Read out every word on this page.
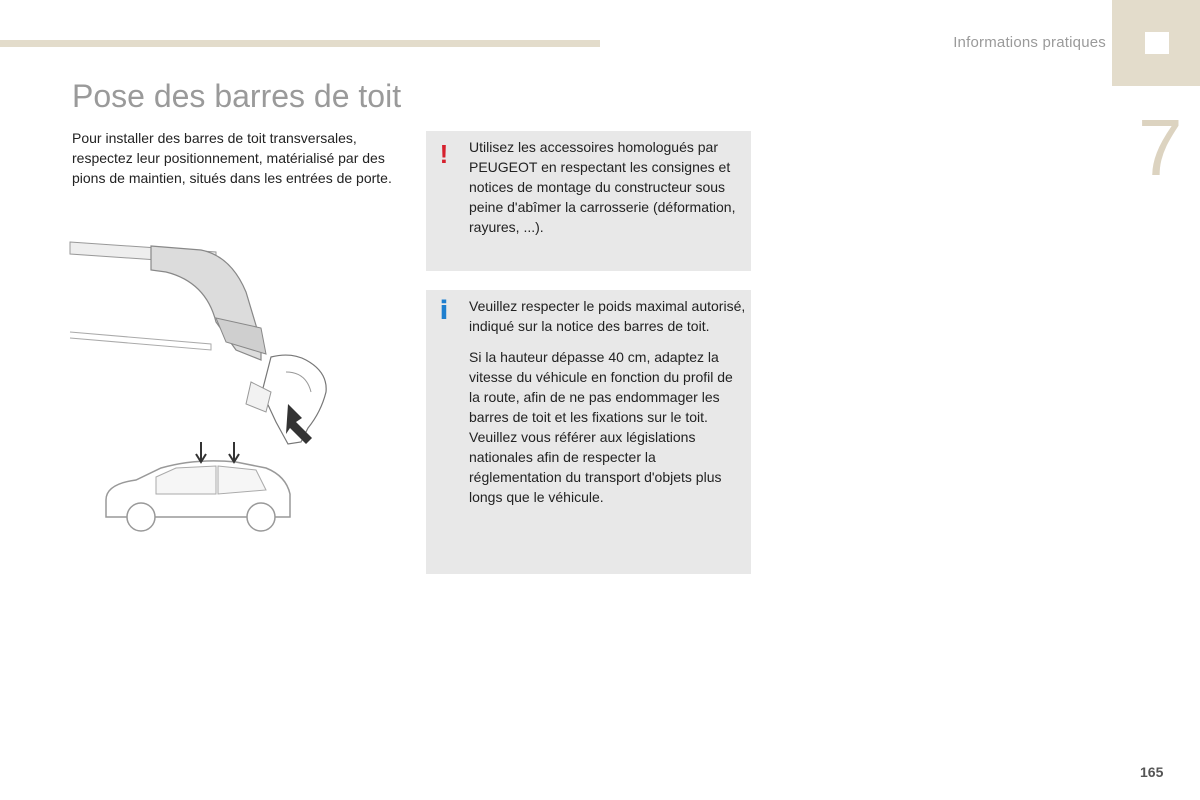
Informations pratiques
7
Pose des barres de toit
Pour installer des barres de toit transversales, respectez leur positionnement, matérialisé par des pions de maintien, situés dans les entrées de porte.
! Utilisez les accessoires homologués par PEUGEOT en respectant les consignes et notices de montage du constructeur sous peine d'abîmer la carrosserie (déformation, rayures, ...).
i Veuillez respecter le poids maximal autorisé, indiqué sur la notice des barres de toit.

Si la hauteur dépasse 40 cm, adaptez la vitesse du véhicule en fonction du profil de la route, afin de ne pas endommager les barres de toit et les fixations sur le toit.

Veuillez vous référer aux législations nationales afin de respecter la réglementation du transport d'objets plus longs que le véhicule.

165
